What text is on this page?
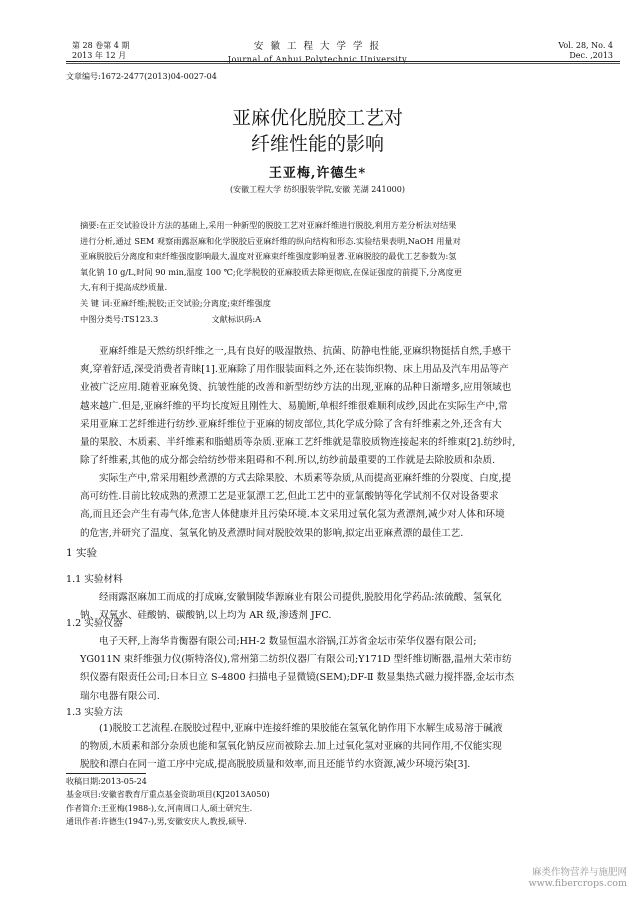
第 28 卷第 4 期
2013 年 12 月
安 徽 工 程 大 学 学 报
Journal of Anhui Polytechnic University
Vol. 28, No. 4
Dec. ,2013
文章编号:1672-2477(2013)04-0027-04
亚麻优化脱胶工艺对
纤维性能的影响
王亚梅,许德生*
(安徽工程大学 纺织服装学院,安徽 芜湖 241000)
摘要:在正交试验设计方法的基础上,采用一种新型的脱胶工艺对亚麻纤维进行脱胶,利用方差分析法对结果
进行分析,通过 SEM 观察雨露沤麻和化学脱胶后亚麻纤维的纵向结构和形态.实验结果表明,NaOH 用量对
亚麻脱胶后分离度和束纤维强度影响最大,温度对亚麻束纤维强度影响显著.亚麻脱胶的最优工艺参数为:氢
氧化钠 10 g/L,时间 90 min,温度 100 ℃;化学脱胶的亚麻胶质去除更彻底,在保证强度的前提下,分离度更
大,有利于提高成纱质量.
关 键 词:亚麻纤维;脱胶;正交试验;分离度;束纤维强度
中图分类号:TS123.3	文献标识码:A
亚麻纤维是天然纺织纤维之一,具有良好的吸湿散热、抗菌、防静电性能,亚麻织物挺括自然,手感干
爽,穿着舒适,深受消费者青睐[1].亚麻除了用作服装面料之外,还在装饰织物、床上用品及汽车用品等产
业被广泛应用.随着亚麻免烫、抗皱性能的改善和新型纺纱方法的出现,亚麻的品种日渐增多,应用领域也
越来越广.但是,亚麻纤维的平均长度短且刚性大、易脆断,单根纤维很难顺利成纱,因此在实际生产中,常
采用亚麻工艺纤维进行纺纱.亚麻纤维位于亚麻的韧皮部位,其化学成分除了含有纤维素之外,还含有大
量的果胶、木质素、半纤维素和脂蜡质等杂质.亚麻工艺纤维就是靠胶质物连接起来的纤维束[2].纺纱时,
除了纤维素,其他的成分都会给纺纱带来阻碍和不利.所以,纺纱前最重要的工作就是去除胶质和杂质.
实际生产中,常采用粗纱煮漂的方式去除果胶、木质素等杂质,从而提高亚麻纤维的分裂度、白度,提
高可纺性.目前比较成熟的煮漂工艺是亚氯漂工艺,但此工艺中的亚氯酸钠等化学试剂不仅对设备要求
高,而且还会产生有毒气体,危害人体健康并且污染环境.本文采用过氧化氢为煮漂剂,减少对人体和环境
的危害,并研究了温度、氢氧化钠及煮漂时间对脱胶效果的影响,拟定出亚麻煮漂的最佳工艺.
1 实验
1.1 实验材料
经雨露沤麻加工而成的打成麻,安徽铜陵华源麻业有限公司提供,脱胶用化学药品:浓硫酸、氢氧化
钠、双氧水、硅酸钠、碳酸钠,以上均为 AR 级,渗透剂 JFC.
1.2 实验仪器
电子天秤,上海华肯衡器有限公司;HH-2 数显恒温水浴锅,江苏省金坛市荣华仪器有限公司;
YG011N 束纤维强力仪(斯特洛仪),常州第二纺织仪器厂有限公司;Y171D 型纤维切断器,温州大荣市纺
织仪器有限责任公司;日本日立 S-4800 扫描电子显微镜(SEM);DF-Ⅱ 数显集热式磁力搅拌器,金坛市杰
瑞尔电器有限公司.
1.3 实验方法
(1)脱胶工艺流程.在脱胶过程中,亚麻中连接纤维的果胶能在氢氧化钠作用下水解生成易溶于碱液
的物质,木质素和部分杂质也能和氢氧化钠反应而被除去.加上过氧化氢对亚麻的共同作用,不仅能实现
脱胶和漂白在同一道工序中完成,提高脱胶质量和效率,而且还能节约水资源,减少环境污染[3].
收稿日期:2013-05-24
基金项目:安徽省教育厅重点基金资助项目(KJ2013A050)
作者简介:王亚梅(1988-),女,河南周口人,硕士研究生.
通讯作者:许德生(1947-),男,安徽安庆人,教授,硕导.
麻类作物营养与施肥网
www.fibercrops.com
